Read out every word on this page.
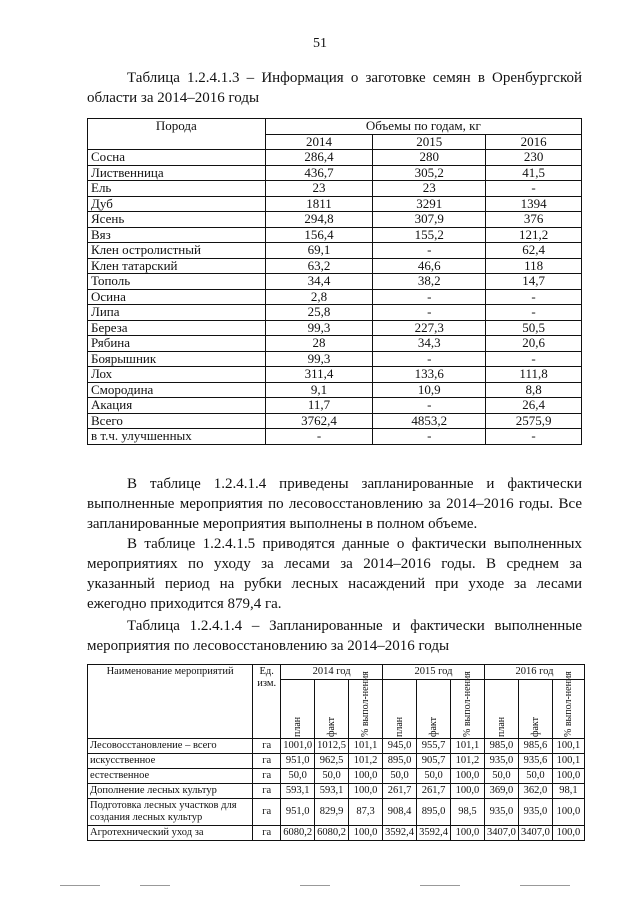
51
Таблица 1.2.4.1.3 – Информация о заготовке семян в Оренбургской области за 2014–2016 годы
Порода	Объемы по годам, кг		
	2014	2015	2016
Сосна	286,4	280	230
Лиственница	436,7	305,2	41,5
Ель	23	23	-
Дуб	1811	3291	1394
Ясень	294,8	307,9	376
Вяз	156,4	155,2	121,2
Клен остролистный	69,1	-	62,4
Клен татарский	63,2	46,6	118
Тополь	34,4	38,2	14,7
Осина	2,8	-	-
Липа	25,8	-	-
Береза	99,3	227,3	50,5
Рябина	28	34,3	20,6
Боярышник	99,3	-	-
Лох	311,4	133,6	111,8
Смородина	9,1	10,9	8,8
Акация	11,7	-	26,4
Всего	3762,4	4853,2	2575,9
в т.ч. улучшенных	-	-	-

В таблице 1.2.4.1.4 приведены запланированные и фактически выполненные мероприятия по лесовосстановлению за 2014–2016 годы. Все запланированные мероприятия выполнены в полном объеме.

В таблице 1.2.4.1.5 приводятся данные о фактически выполненных мероприятиях по уходу за лесами за 2014–2016 годы. В среднем за указанный период на рубки лесных насаждений при уходе за лесами ежегодно приходится 879,4 га.

Таблица 1.2.4.1.4 – Запланированные и фактически выполненные мероприятия по лесовосстановлению за 2014–2016 годы

Наименование мероприятий	Ед. изм.	2014 год			2015 год			2016 год		

		план	факт	% выпол-нения	план	факт	% выпол-нения	план	факт	% выпол-нения

Лесовосстановление – всего	га	1001,0	1012,5	101,1	945,0	955,7	101,1	985,0	985,6	100,1
искусственное	га	951,0	962,5	101,2	895,0	905,7	101,2	935,0	935,6	100,1
естественное	га	50,0	50,0	100,0	50,0	50,0	100,0	50,0	50,0	100,0
Дополнение лесных культур	га	593,1	593,1	100,0	261,7	261,7	100,0	369,0	362,0	98,1
Подготовка лесных участков для создания лесных культур	га	951,0	829,9	87,3	908,4	895,0	98,5	935,0	935,0	100,0
Агротехнический уход за	га	6080,2	6080,2	100,0	3592,4	3592,4	100,0	3407,0	3407,0	100,0
